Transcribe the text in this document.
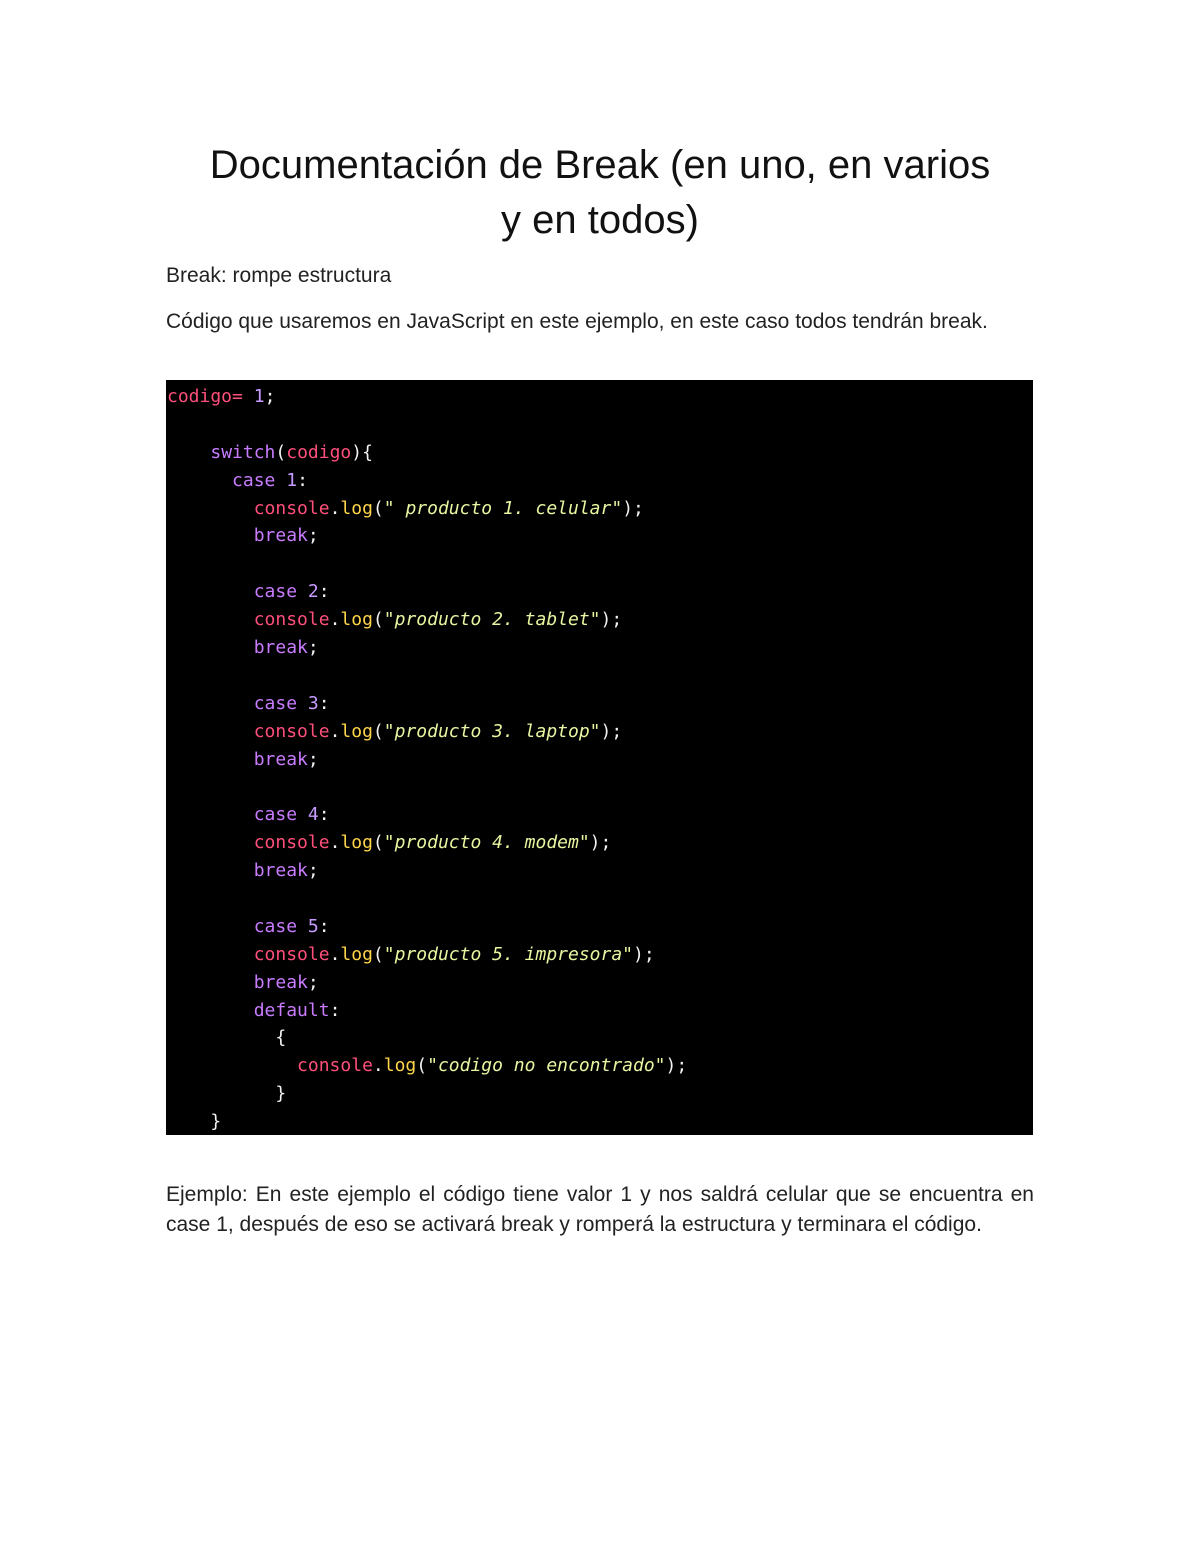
Documentación de Break (en uno, en varios
y en todos)

Break: rompe estructura

Código que usaremos en JavaScript en este ejemplo, en este caso todos tendrán break.

codigo= 1;

switch(codigo){
case 1:
console.log(" producto 1. celular");
break;

case 2:
console.log("producto 2. tablet");
break;

case 3:
console.log("producto 3. laptop");
break;

case 4:
console.log("producto 4. modem");
break;

case 5:
console.log("producto 5. impresora");
break;
default:
{
console.log("codigo no encontrado");
}
}

Ejemplo: En este ejemplo el código tiene valor 1 y nos saldrá celular que se encuentra en case 1, después de eso se activará break y romperá la estructura y terminara el código.
